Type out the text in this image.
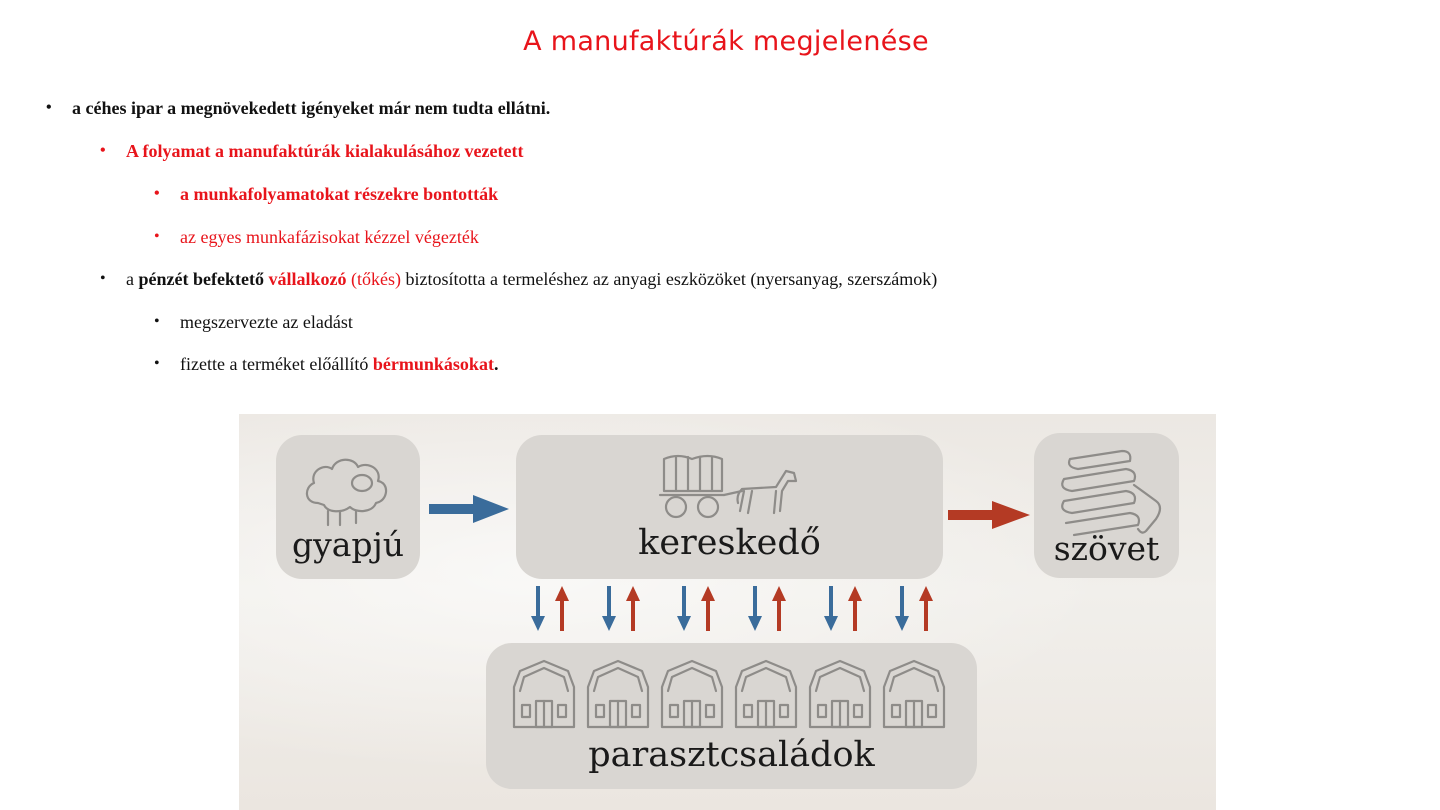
A manufaktúrák megjelenése
• a céhes ipar a megnövekedett igényeket már nem tudta ellátni.
• A folyamat a manufaktúrák kialakulásához vezetett
• a munkafolyamatokat részekre bontották
• az egyes munkafázisokat kézzel végezték
• a pénzét befektető vállalkozó (tőkés) biztosította a termeléshez az anyagi eszközöket (nyersanyag, szerszámok)
• megszervezte az eladást
• fizette a terméket előállító bérmunkásokat.
gyapjú	kereskedő	szövet
parasztcsaládok
